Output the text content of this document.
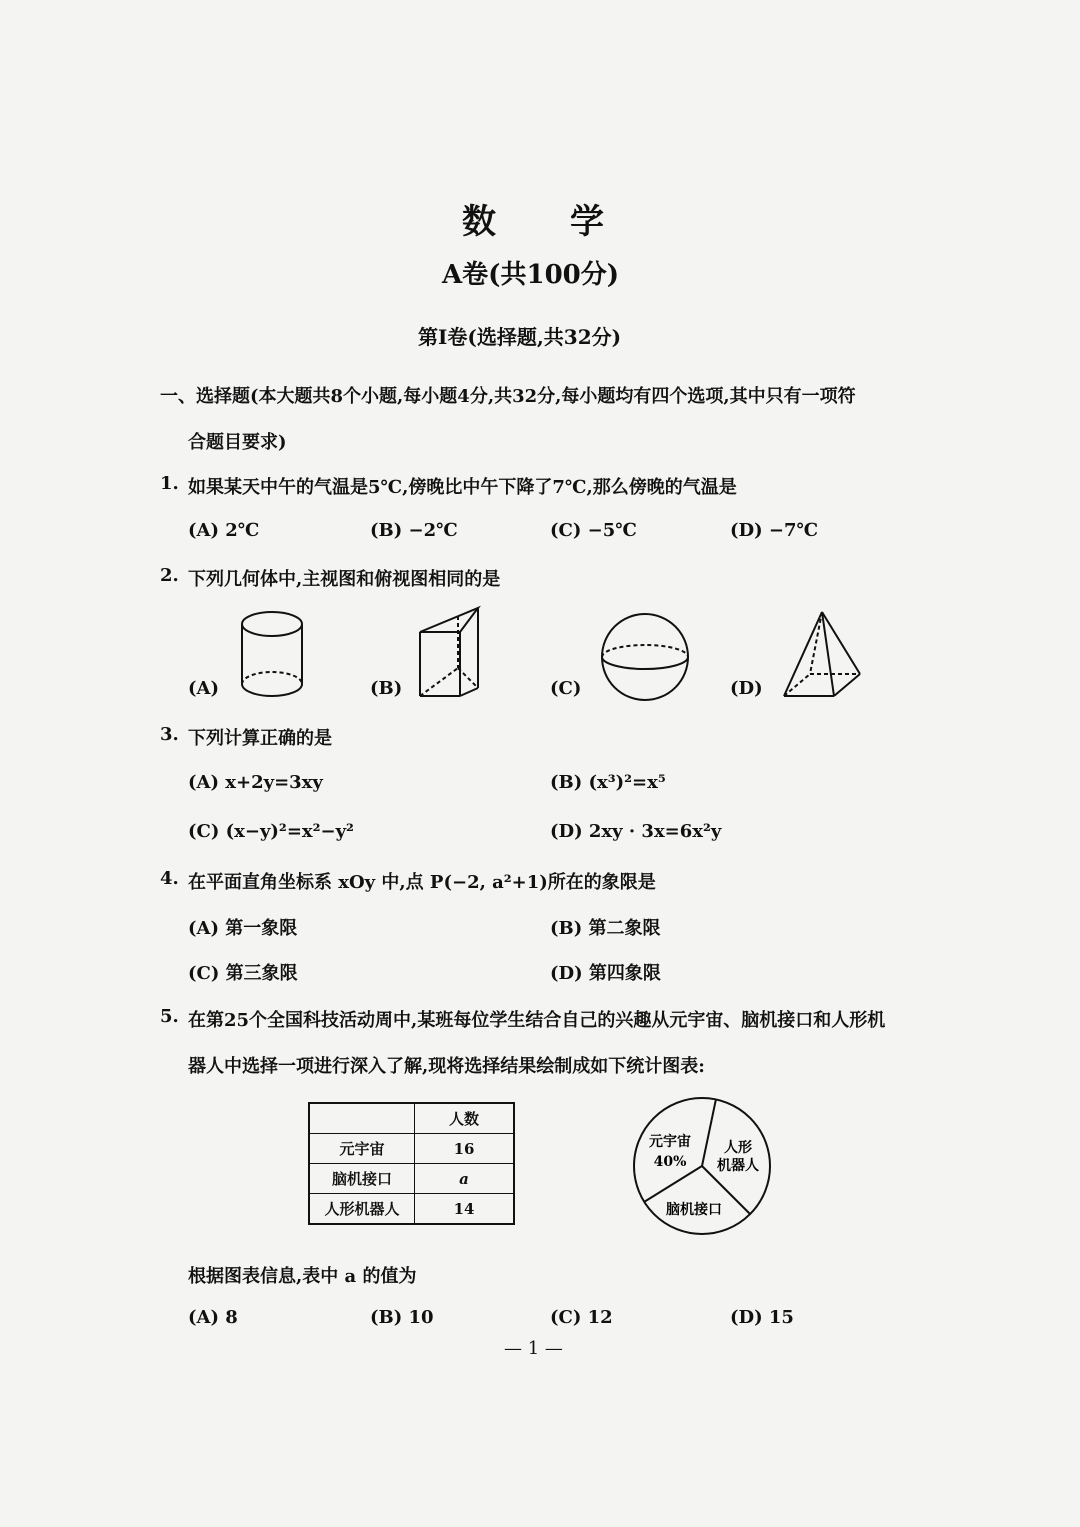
数　　学
A卷(共100分)
第Ⅰ卷(选择题,共32分)
一、选择题(本大题共8个小题,每小题4分,共32分,每小题均有四个选项,其中只有一项符
合题目要求)
1. 如果某天中午的气温是5℃,傍晚比中午下降了7℃,那么傍晚的气温是
(A) 2℃	(B) −2℃	(C) −5℃	(D) −7℃
2. 下列几何体中,主视图和俯视图相同的是
(A)	(B)	(C)	(D)
3. 下列计算正确的是
(A) x+2y=3xy	(B) (x³)²=x⁵
(C) (x−y)²=x²−y²	(D) 2xy · 3x=6x²y
4. 在平面直角坐标系 xOy 中,点 P(−2, a²+1)所在的象限是
(A) 第一象限	(B) 第二象限
(C) 第三象限	(D) 第四象限
5. 在第25个全国科技活动周中,某班每位学生结合自己的兴趣从元宇宙、脑机接口和人形机
器人中选择一项进行深入了解,现将选择结果绘制成如下统计图表:
	人数
元宇宙	16
脑机接口	a
人形机器人	14
元宇宙
40%
人形
机器人
脑机接口
根据图表信息,表中 a 的值为
(A) 8	(B) 10	(C) 12	(D) 15
— 1 —
